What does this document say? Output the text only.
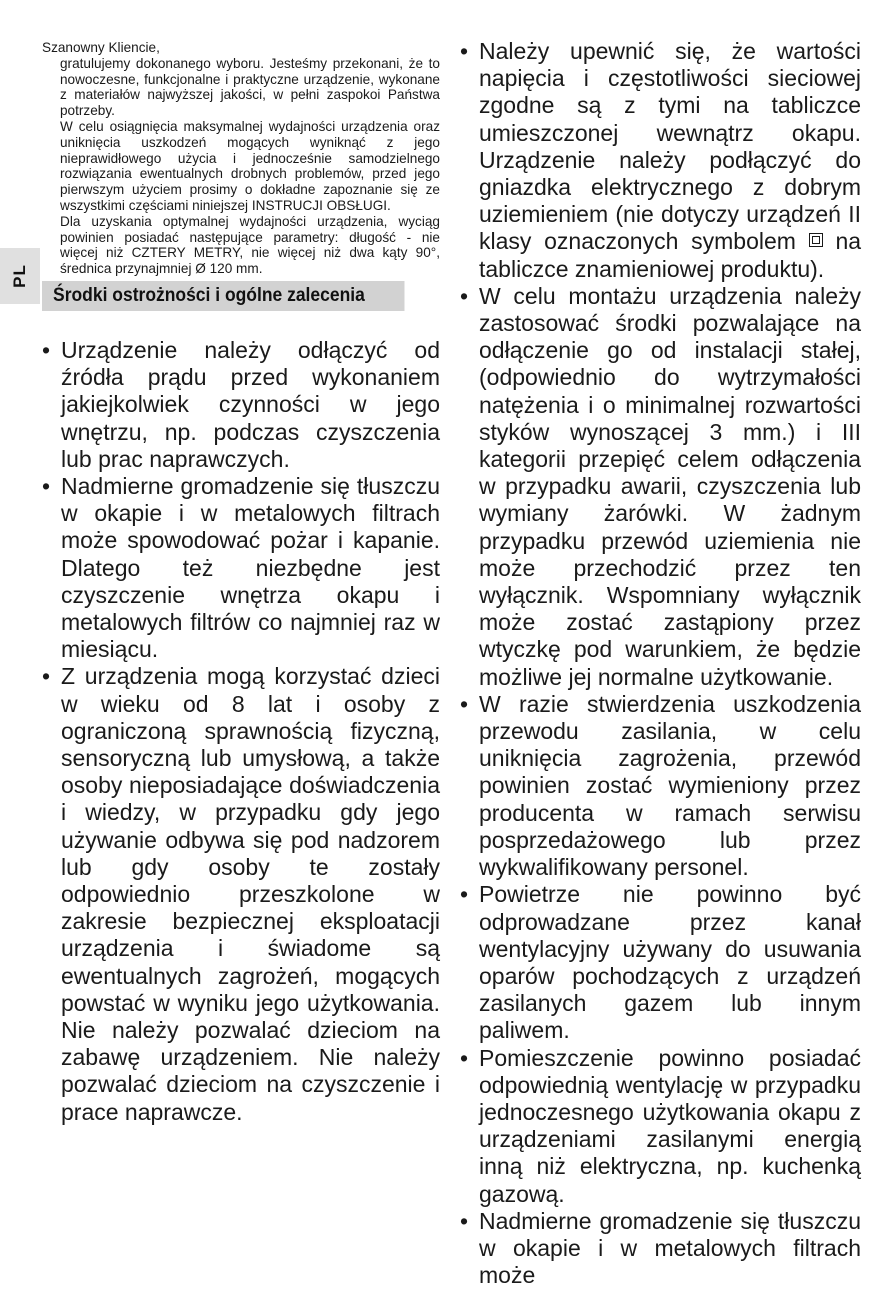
PL

Szanowny Kliencie,

gratulujemy dokonanego wyboru. Jesteśmy przekonani, że to nowoczesne, funkcjonalne i praktyczne urządzenie, wykonane z materiałów najwyższej jakości, w pełni zaspokoi Państwa potrzeby.

W celu osiągnięcia maksymalnej wydajności urządzenia oraz uniknięcia uszkodzeń mogących wyniknąć z jego nieprawidłowego użycia i jednocześnie samodzielnego rozwiązania ewentualnych drobnych problemów, przed jego pierwszym użyciem prosimy o dokładne zapoznanie się ze wszystkimi częściami niniejszej INSTRUCJI OBSŁUGI.

Dla uzyskania optymalnej wydajności urządzenia, wyciąg powinien posiadać następujące parametry: długość - nie więcej niż CZTERY METRY, nie więcej niż dwa kąty 90°, średnica przynajmniej Ø 120 mm.

Środki ostrożności i ogólne zalecenia
• Urządzenie należy odłączyć od źródła prądu przed wykonaniem jakiejkolwiek czynności w jego wnętrzu, np. podczas czyszczenia lub prac naprawczych.
• Nadmierne gromadzenie się tłuszczu w okapie i w metalowych filtrach może spowodować pożar i kapanie. Dlatego też niezbędne jest czyszczenie wnętrza okapu i metalowych filtrów co najmniej raz w miesiącu.
• Z urządzenia mogą korzystać dzieci w wieku od 8 lat i osoby z ograniczoną sprawnością fizyczną, sensoryczną lub umysłową, a także osoby nieposiadające doświadczenia i wiedzy, w przypadku gdy jego używanie odbywa się pod nadzorem lub gdy osoby te zostały odpowiednio przeszkolone w zakresie bezpiecznej eksploatacji urządzenia i świadome są ewentualnych zagrożeń, mogących powstać w wyniku jego użytkowania. Nie należy pozwalać dzieciom na zabawę urządzeniem. Nie należy pozwalać dzieciom na czyszczenie i prace naprawcze.
• Należy upewnić się, że wartości napięcia i częstotliwości sieciowej zgodne są z tymi na tabliczce umieszczonej wewnątrz okapu. Urządzenie należy podłączyć do gniazdka elektrycznego z dobrym uziemieniem (nie dotyczy urządzeń II klasy oznaczonych symbolem na tabliczce znamieniowej produktu).
• W celu montażu urządzenia należy zastosować środki pozwalające na odłączenie go od instalacji stałej, (odpowiednio do wytrzymałości natężenia i o minimalnej rozwartości styków wynoszącej 3 mm.) i III kategorii przepięć celem odłączenia w przypadku awarii, czyszczenia lub wymiany żarówki. W żadnym przypadku przewód uziemienia nie może przechodzić przez ten wyłącznik. Wspomniany wyłącznik może zostać zastąpiony przez wtyczkę pod warunkiem, że będzie możliwe jej normalne użytkowanie.
• W razie stwierdzenia uszkodzenia przewodu zasilania, w celu uniknięcia zagrożenia, przewód powinien zostać wymieniony przez producenta w ramach serwisu posprzedażowego lub przez wykwalifikowany personel.
• Powietrze nie powinno być odprowadzane przez kanał wentylacyjny używany do usuwania oparów pochodzących z urządzeń zasilanych gazem lub innym paliwem.
• Pomieszczenie powinno posiadać odpowiednią wentylację w przypadku jednoczesnego użytkowania okapu z urządzeniami zasilanymi energią inną niż elektryczna, np. kuchenką gazową.
• Nadmierne gromadzenie się tłuszczu w okapie i w metalowych filtrach może
